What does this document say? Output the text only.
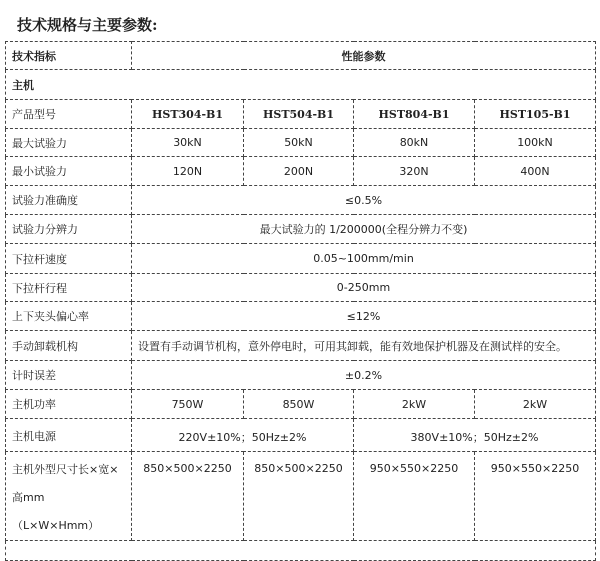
技术规格与主要参数:
技术指标	性能参数			
主机				
产品型号	HST304-B1	HST504-B1	HST804-B1	HST105-B1
最大试验力	30kN	50kN	80kN	100kN
最小试验力	120N	200N	320N	400N
试验力准确度	≤0.5%			
试验力分辨力	最大试验力的 1/200000(全程分辨力不变)			
下拉杆速度	0.05~100mm/min			
下拉杆行程	0-250mm			
上下夹头偏心率	≤12%			
手动卸载机构	设置有手动调节机构，意外停电时，可用其卸载，能有效地保护机器及在测试样的安全。			
计时误差	±0.2%			
主机功率	750W	850W	2kW	2kW
主机电源	220V±10%；50Hz±2%		380V±10%；50Hz±2%	

主机外型尺寸长×宽×
高mm（L×W×Hmm）	850×500×2250	850×500×2250	950×550×2250	950×550×2250
